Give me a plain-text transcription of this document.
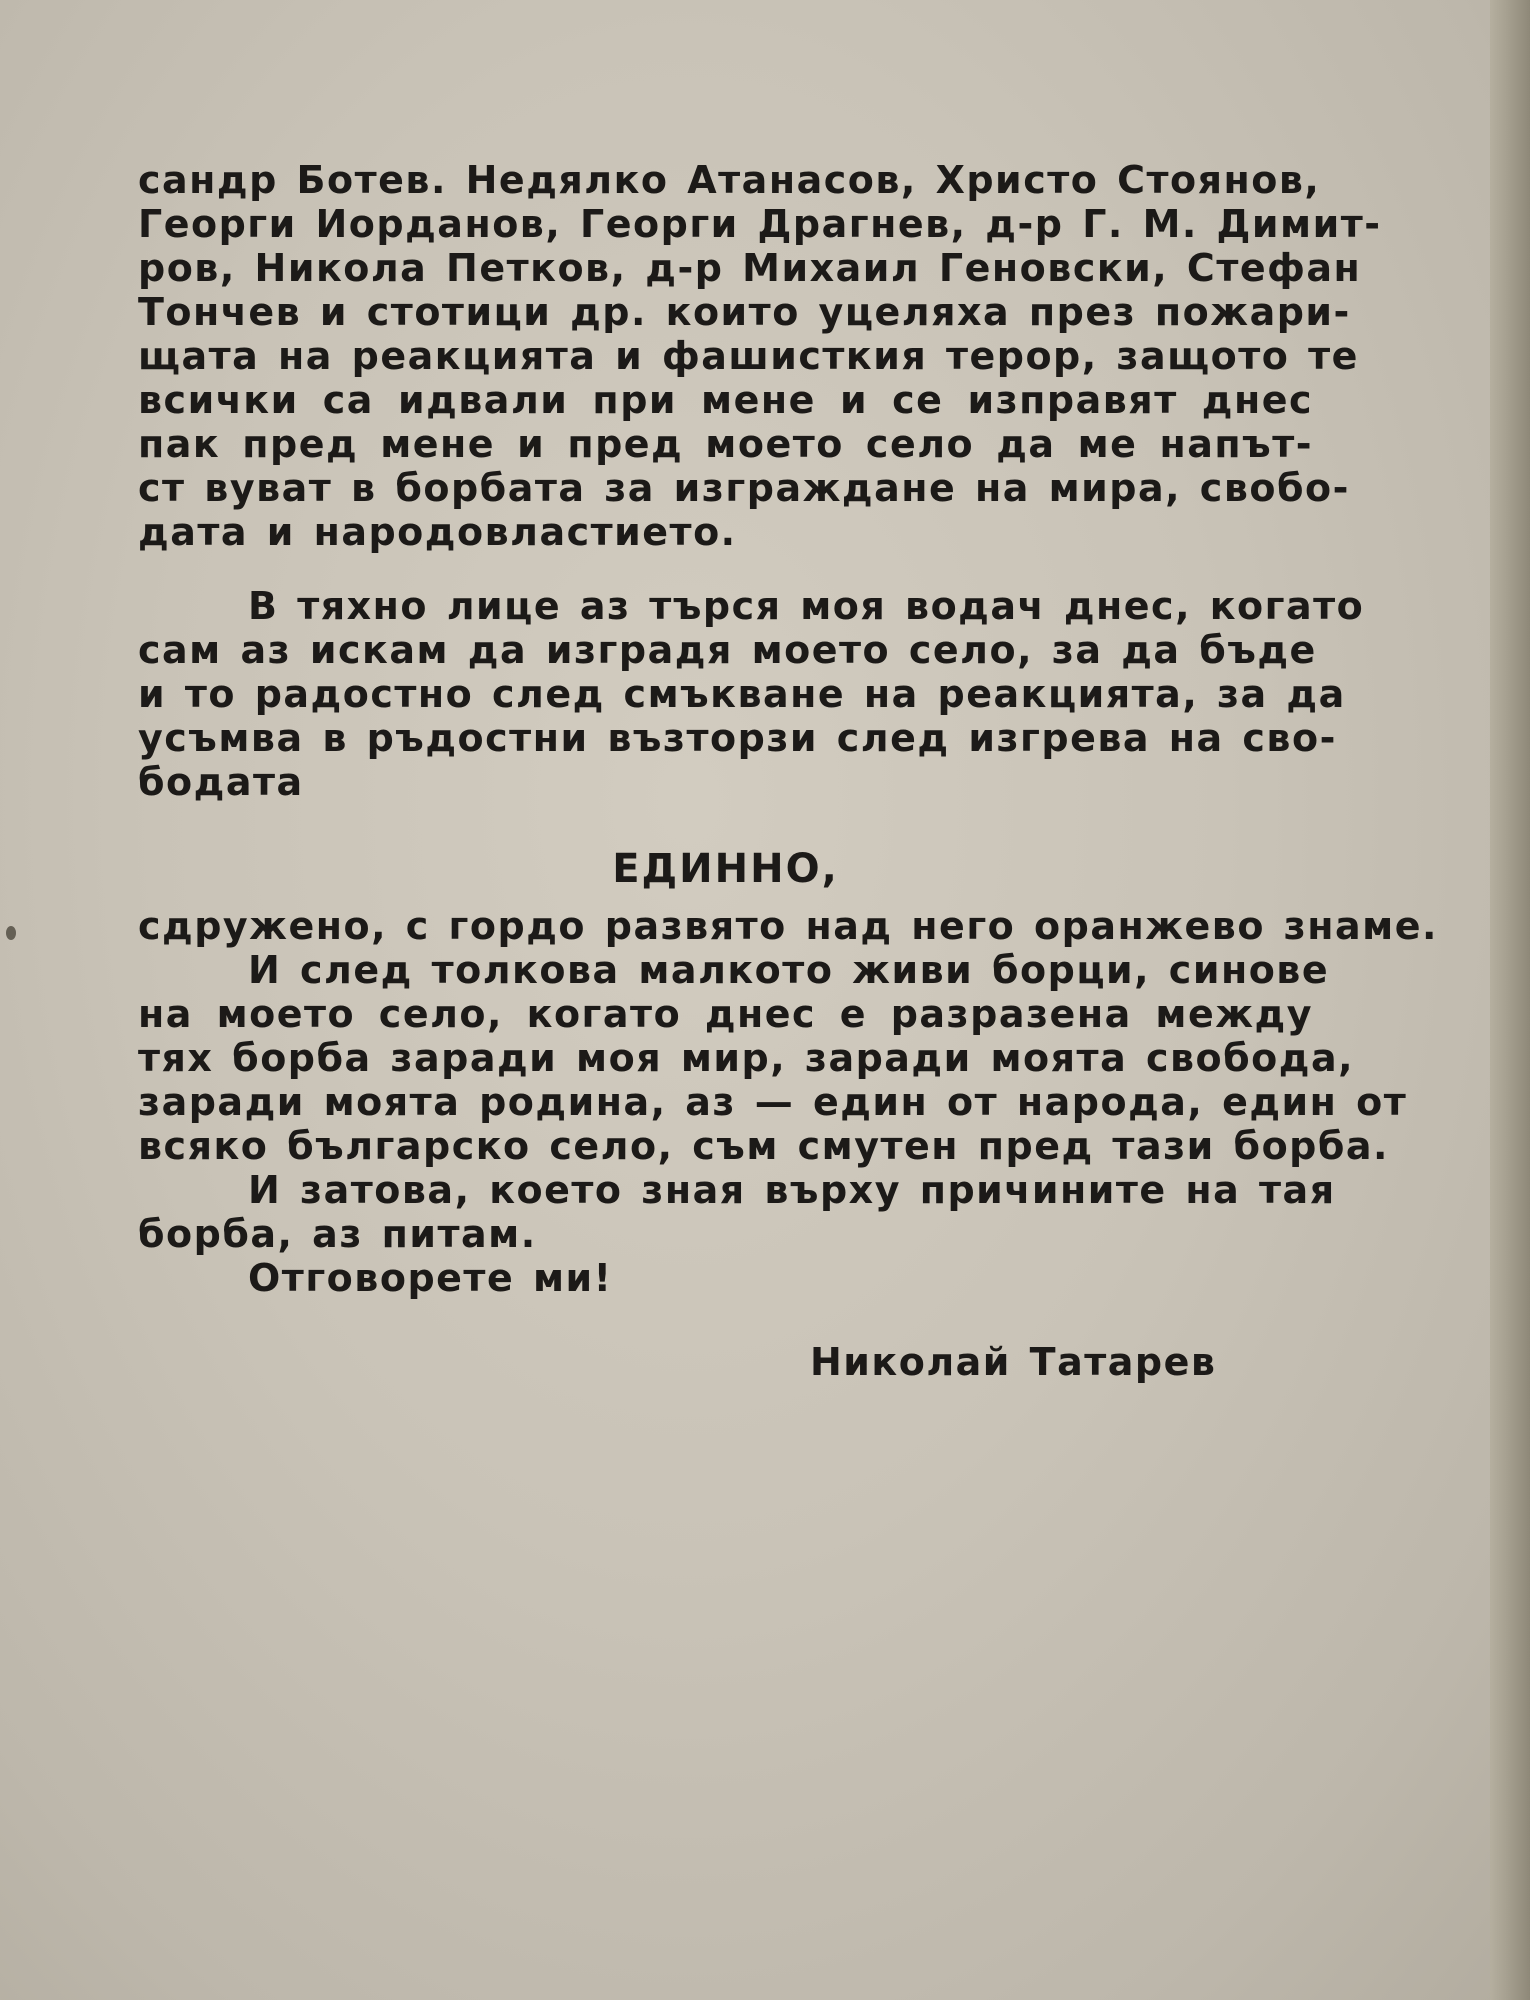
сандр Ботев. Недялко Атанасов, Христо Стоянов,
Георги Иорданов, Георги Драгнев, д-р Г. М. Димит-
ров, Никола Петков, д-р Михаил Геновски, Стефан
Тончев и стотици др. които уцеляха през пожари-
щата на реакцията и фашисткия терор, защото те
всички са идвали при мене и се изправят днес
пак пред мене и пред моето село да ме напът-
ст вуват в борбата за изграждане на мира, свобо-
дата и народовластието.
В тяхно лице аз търся моя водач днес, когато
сам аз искам да изградя моето село, за да бъде
и то радостно след смъкване на реакцията, за да
усъмва в ръдостни възторзи след изгрева на сво-
бодата
ЕДИННО,
сдружено, с гордо развято над него оранжево знаме.
И след толкова малкото живи борци, синове
на моето село, когато днес е разразена между
тях борба заради моя мир, заради моята свобода,
заради моята родина, аз — един от народа, един от
всяко българско село, съм смутен пред тази борба.
И затова, което зная върху причините на тая
борба, аз питам.
Отговорете ми!
Николай Татарев
